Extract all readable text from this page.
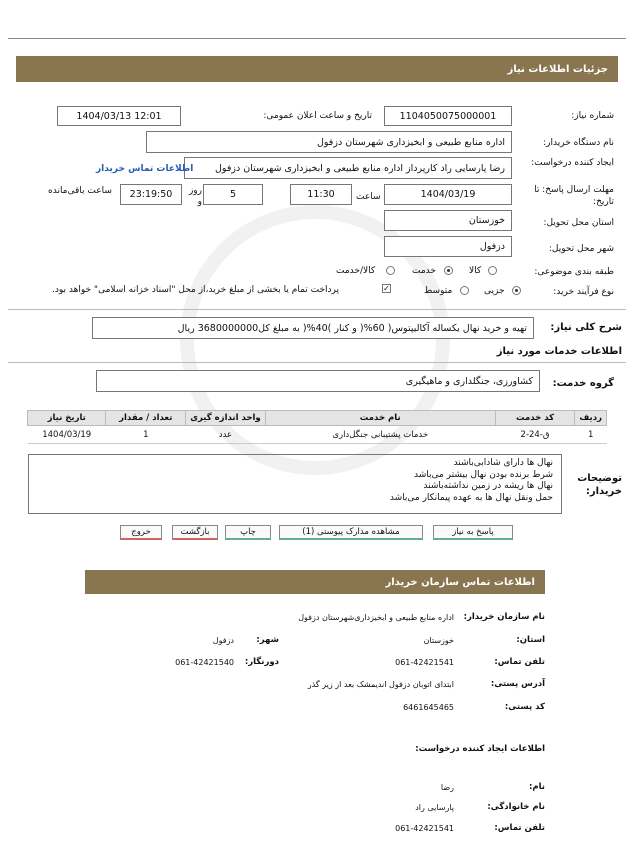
جزئیات اطلاعات نیاز
شماره نیاز:
1104050075000001
تاریخ و ساعت اعلان عمومی:
1404/03/13 12:01
نام دستگاه خریدار:
اداره منابع طبیعی و ابخیزداری شهرستان دزفول
ایجاد کننده درخواست:
رضا پارسایی راد کارپرداز اداره منابع طبیعی و ابخیزداری شهرستان دزفول
اطلاعات تماس خریدار
مهلت ارسال پاسخ: تا تاریخ:
1404/03/19
ساعت
11:30
5
روز و
23:19:50
ساعت باقی‌مانده
استان محل تحویل:
خوزستان
شهر محل تحویل:
دزفول
طبقه بندی موضوعی:
کالا
خدمت
کالا/خدمت
نوع فرآیند خرید:
جزیی
متوسط
✓
پرداخت تمام یا بخشی از مبلغ خرید،از محل "اسناد خزانه اسلامی" خواهد بود.
شرح کلی نیاز:
تهیه و خرید نهال یکساله آکالیپتوس( 60%( و کنار )40%( به مبلغ کل3680000000 ریال
اطلاعات خدمات مورد نیاز
گروه خدمت:
کشاورزی، جنگلداری و ماهیگیری
ردیف	کد خدمت	نام خدمت	واحد اندازه گیری	تعداد / مقدار	تاریخ نیاز
1	ق-24-2	خدمات پشتیبانی جنگل‌داری	عدد	1	1404/03/19
توضیحات خریدار:
نهال ها دارای شادابی‌باشند
شرط برنده بودن نهال بیشتر می‌باشد
نهال ها ریشه در زمین نداشته‌باشند
حمل ونقل نهال ها به عهده پیمانکار می‌باشد
پاسخ به نیاز
مشاهده مدارک پیوستی (1)
چاپ
بازگشت
خروج
اطلاعات تماس سازمان خریدار
نام سازمان خریدار:
اداره منابع طبیعی و ابخیزداری‌شهرستان دزفول
استان:
خوزستان
شهر:
دزفول
تلفن تماس:
061-42421541
دورنگار:
061-42421540
آدرس پستی:
ابتدای اتوبان دزفول اندیمشک بعد از زیر گذر
کد پستی:
6461645465
اطلاعات ایجاد کننده درخواست:
نام:
رضا
نام خانوادگی:
پارسایی راد
تلفن تماس:
061-42421541
